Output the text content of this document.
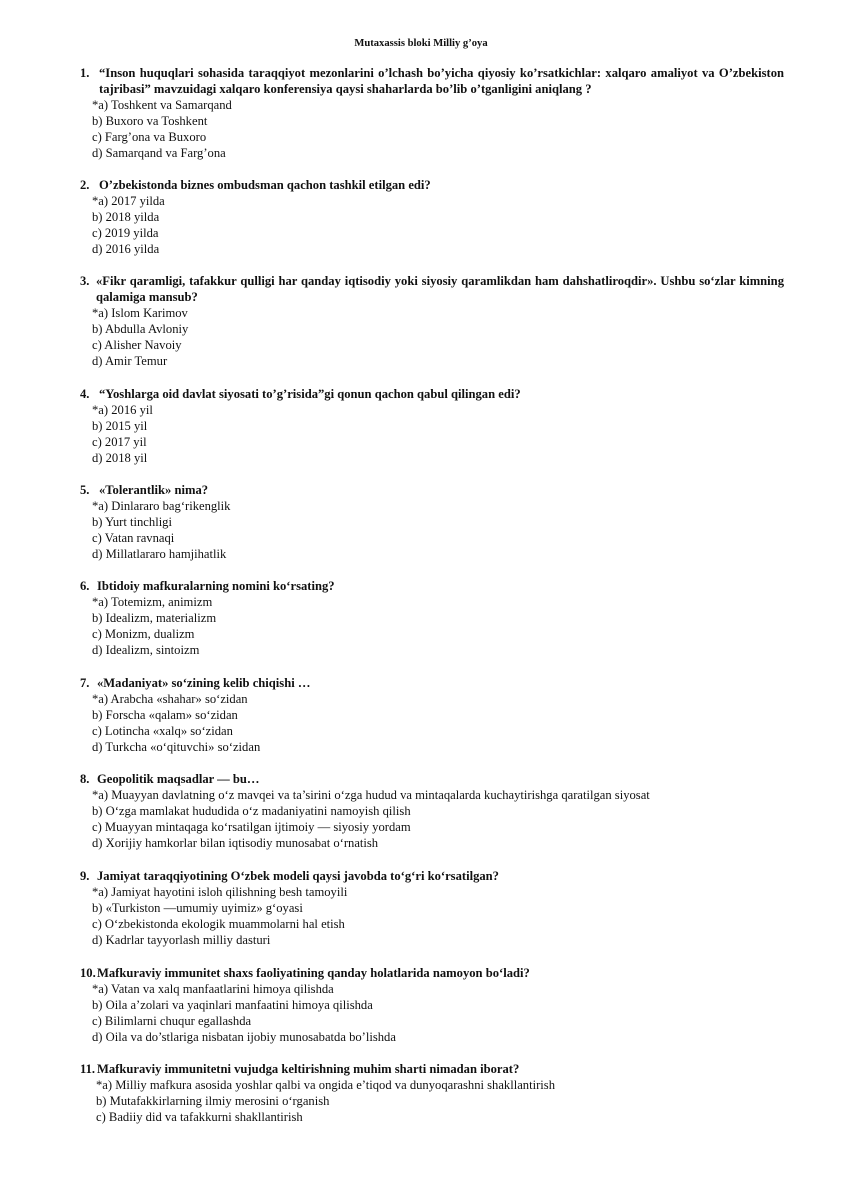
Mutaxassis bloki Milliy g’oya
1. “Inson huquqlari sohasida taraqqiyot mezonlarini o’lchash bo’yicha qiyosiy ko’rsatkichlar: xalqaro amaliyot va O’zbekiston tajribasi” mavzuidagi xalqaro konferensiya qaysi shaharlarda bo’lib o’tganligini aniqlang ?
*a) Toshkent va Samarqand
b) Buxoro va Toshkent
c) Farg’ona va Buxoro
d) Samarqand va Farg’ona
2. O’zbekistonda biznes ombudsman qachon tashkil etilgan edi?
*a) 2017 yilda
b) 2018 yilda
c) 2019 yilda
d) 2016 yilda
3. «Fikr qaramligi, tafakkur qulligi har qanday iqtisodiy yoki siyosiy qaramlikdan ham dahshatliroqdir». Ushbu so‘zlar kimning qalamiga mansub?
*a) Islom Karimov
b) Abdulla Avloniy
c) Alisher Navoiy
d) Amir Temur
4. “Yoshlarga oid davlat siyosati to’g’risida”gi qonun qachon qabul qilingan edi?
*a) 2016 yil
b) 2015 yil
c) 2017 yil
d) 2018 yil
5. «Tolerantlik» nima?
*a) Dinlararo bag‘rikenglik
b) Yurt tinchligi
c) Vatan ravnaqi
d) Millatlararo hamjihatlik
6. Ibtidoiy mafkuralarning nomini ko‘rsating?
*a) Totemizm, animizm
b) Idealizm, materializm
c) Monizm, dualizm
d) Idealizm, sintoizm
7. «Madaniyat» so‘zining kelib chiqishi …
*a) Arabcha «shahar» so‘zidan
b) Forscha «qalam» so‘zidan
c) Lotincha «xalq» so‘zidan
d) Turkcha «o‘qituvchi» so‘zidan
8. Geopolitik maqsadlar — bu…
*a) Muayyan davlatning o‘z mavqei va ta’sirini o‘zga hudud va mintaqalarda kuchaytirishga qaratilgan siyosat
b) O‘zga mamlakat hududida o‘z madaniyatini namoyish qilish
c) Muayyan mintaqaga ko‘rsatilgan ijtimoiy — siyosiy yordam
d) Xorijiy hamkorlar bilan iqtisodiy munosabat o‘rnatish
9. Jamiyat taraqqiyotining O‘zbek modeli qaysi javobda to‘g‘ri ko‘rsatilgan?
*a) Jamiyat hayotini isloh qilishning besh tamoyili
b) «Turkiston —umumiy uyimiz» g‘oyasi
c) O‘zbekistonda ekologik muammolarni hal etish
d) Kadrlar tayyorlash milliy dasturi
10. Mafkuraviy immunitet shaxs faoliyatining qanday holatlarida namoyon bo‘ladi?
*a) Vatan va xalq manfaatlarini himoya qilishda
b) Oila a’zolari va yaqinlari manfaatini himoya qilishda
c) Bilimlarni chuqur egallashda
d) Oila va do’stlariga nisbatan ijobiy munosabatda bo’lishda
11. Mafkuraviy immunitetni vujudga keltirishning muhim sharti nimadan iborat?
*a) Milliy mafkura asosida yoshlar qalbi va ongida e’tiqod va dunyoqarashni shakllantirish
b) Mutafakkirlarning ilmiy merosini o‘rganish
c) Badiiy did va tafakkurni shakllantirish
